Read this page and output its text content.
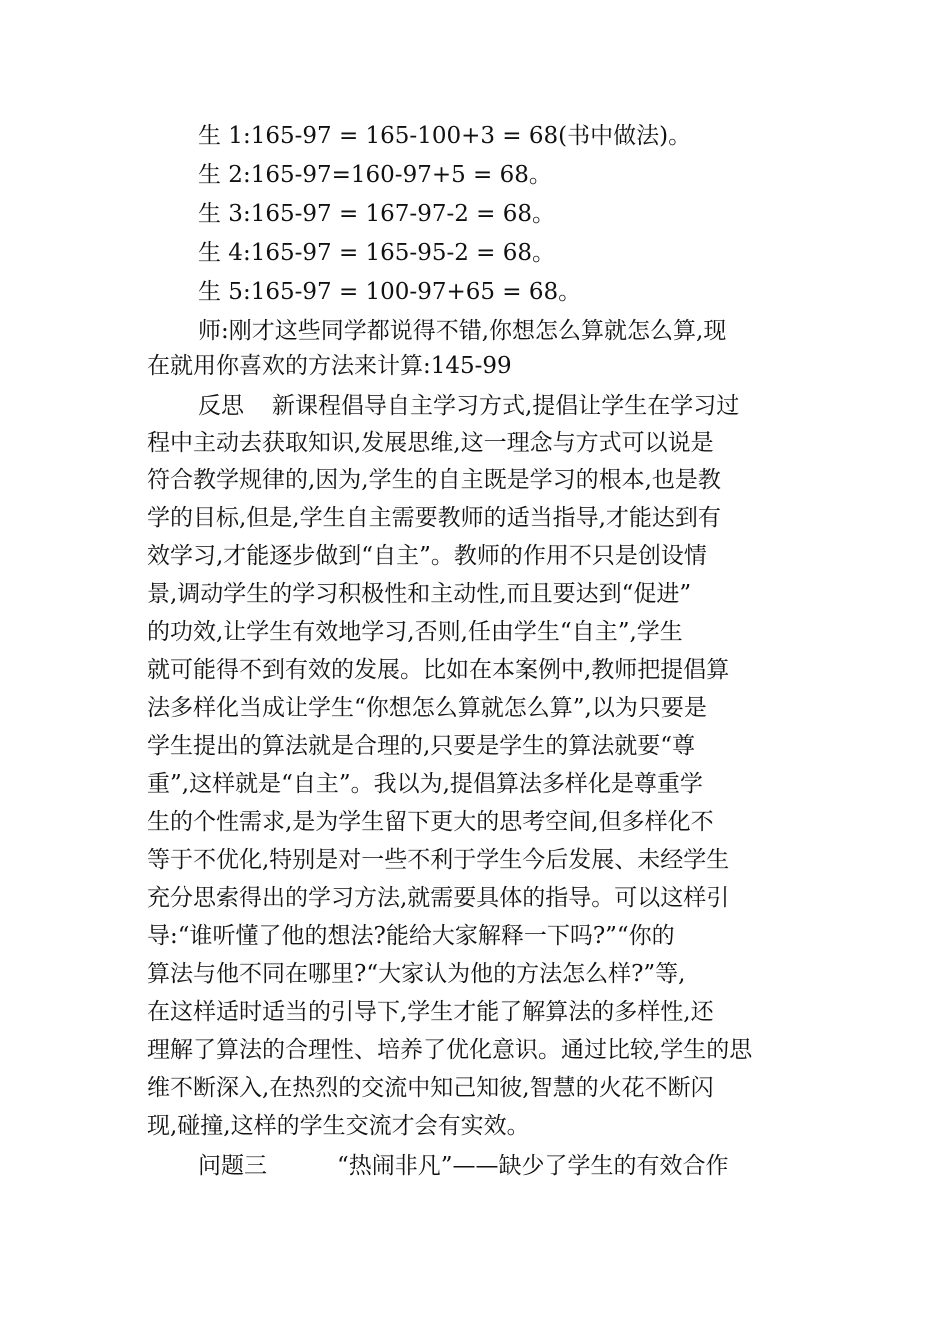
生 1:165-97 = 165-100+3 = 68(书中做法)。
生 2:165-97=160-97+5 = 68。
生 3:165-97 = 167-97-2 = 68。
生 4:165-97 = 165-95-2 = 68。
生 5:165-97 = 100-97+65 = 68。
师:刚才这些同学都说得不错,你想怎么算就怎么算,现
在就用你喜欢的方法来计算:145-99
反思 新课程倡导自主学习方式,提倡让学生在学习过
程中主动去获取知识,发展思维,这一理念与方式可以说是
符合教学规律的,因为,学生的自主既是学习的根本,也是教
学的目标,但是,学生自主需要教师的适当指导,才能达到有
效学习,才能逐步做到“自主”。教师的作用不只是创设情
景,调动学生的学习积极性和主动性,而且要达到“促进”
的功效,让学生有效地学习,否则,任由学生“自主”,学生
就可能得不到有效的发展。比如在本案例中,教师把提倡算
法多样化当成让学生“你想怎么算就怎么算”,以为只要是
学生提出的算法就是合理的,只要是学生的算法就要“尊
重”,这样就是“自主”。我以为,提倡算法多样化是尊重学
生的个性需求,是为学生留下更大的思考空间,但多样化不
等于不优化,特别是对一些不利于学生今后发展、未经学生
充分思索得出的学习方法,就需要具体的指导。可以这样引
导:“谁听懂了他的想法?能给大家解释一下吗?”“你的
算法与他不同在哪里?“大家认为他的方法怎么样?”等,
在这样适时适当的引导下,学生才能了解算法的多样性,还
理解了算法的合理性、培养了优化意识。通过比较,学生的思
维不断深入,在热烈的交流中知己知彼,智慧的火花不断闪
现,碰撞,这样的学生交流才会有实效。
问题三	“热闹非凡”——缺少了学生的有效合作
